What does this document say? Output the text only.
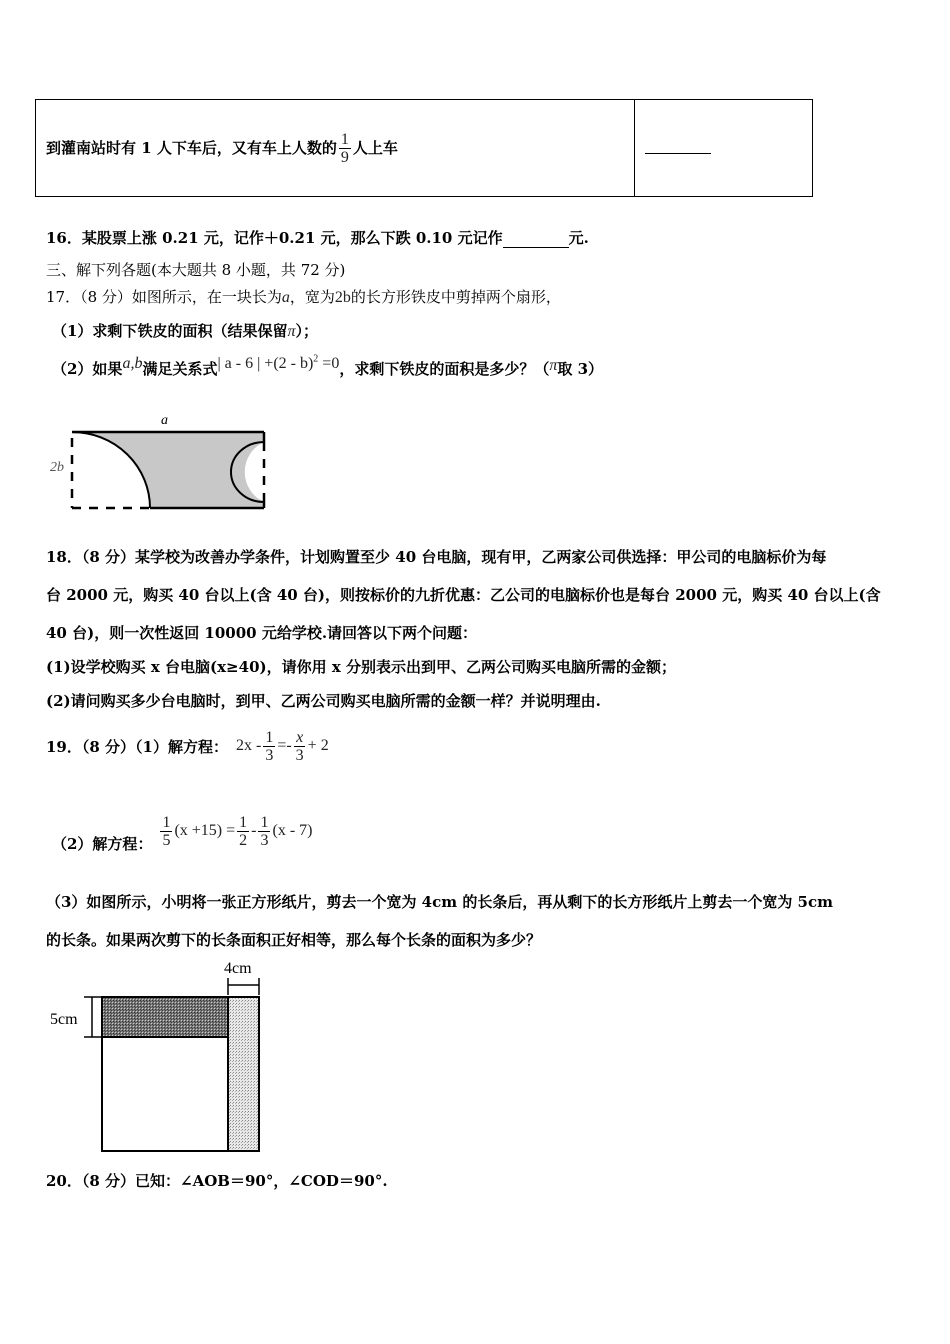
到灌南站时有 1 人下车后，又有车上人数的 $\frac{1}{9}$ 人上车	
16．某股票上涨 0.21 元，记作＋0.21 元，那么下跌 0.10 元记作	元.
三、解下列各题(本大题共 8 小题，共 72 分)
17．（8 分）如图所示，在一块长为a，宽为2b的长方形铁皮中剪掉两个扇形，
（1）求剩下铁皮的面积（结果保留π）；
（2）如果a,b满足关系式| a - 6 | +(2 - b)$^2$ =0，求剩下铁皮的面积是多少？（π取 3）
a
2b
18．（8 分）某学校为改善办学条件，计划购置至少 40 台电脑，现有甲，乙两家公司供选择：甲公司的电脑标价为每
台 2000 元，购买 40 台以上(含 40 台)，则按标价的九折优惠：乙公司的电脑标价也是每台 2000 元，购买 40 台以上(含
40 台)，则一次性返回 10000 元给学校.请回答以下两个问题：
(1)设学校购买 x 台电脑(x≥40)，请你用 x 分别表示出到甲、乙两公司购买电脑所需的金额；
(2)请问购买多少台电脑时，到甲、乙两公司购买电脑所需的金额一样？并说明理由.
19．（8 分）（1）解方程： $2x - \frac{1}{3} =- \frac{x}{3} + 2$
（2）解方程： $\frac{1}{5} (x +15) = \frac{1}{2} - \frac{1}{3} (x - 7)$
（3）如图所示，小明将一张正方形纸片，剪去一个宽为 4cm 的长条后，再从剩下的长方形纸片上剪去一个宽为 5cm
的长条。如果两次剪下的长条面积正好相等，那么每个长条的面积为多少？
4cm
5cm
20．（8 分）已知：∠AOB＝90°，∠COD＝90°.
